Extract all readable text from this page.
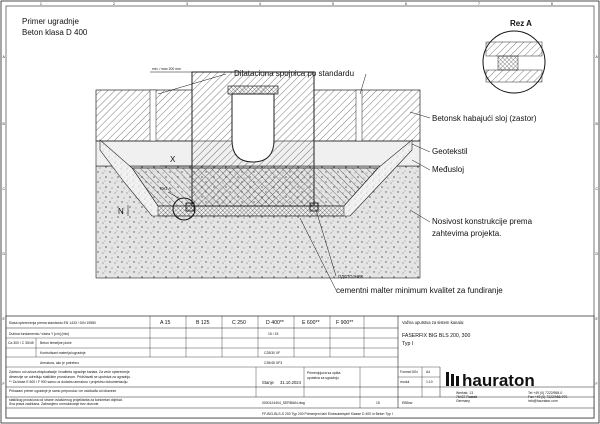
A
B
C
D
E
F
A
B
C
D
E
F
1	2	3	4	5	6	7	8
Primer ugradnje
Beton klasa D 400
Rez A
X
N
min. / max 200 mm
Rez A
Dilataciona spojnica po standardu
Betonsk habajući sloj (zastor)
Geotekstil
Međusloj
Nosivost konstrukcije prema
zahtevima projekta.
ОДСТОЈНИК
cementni malter minimum kvalitet za fundiranje
Klasa opterećenja prema standardu EN 1433 / DIN 19580	A 15	B 125	C 250	D 400**	E 600**	F 900**
Dubina fundamenta / visina Y [cm] (min)	15 / 15
Ca 300 / C 35/45 Beton temeljne ploče
Kontrolisani materijal ugradnje	C25/30 XF
Armatura, ako je potrebno	C35/45 XF3
Zavisno od uslova eksploatacije i kvaliteta ugradnje kanala. Za veće opterećenje
dimenzije se određuju statičkim proračunom. Pridržavati se uputstva za ugradnju.
** Za klase E 600 i F 900 samo uz dodatnu armaturu i projektnu dokumentaciju.
Prikazani primer ugradnje je samo preporuka i ne oslobađa od obaveze
statičkog proračuna od strane ovlašćenog projektanta za konkretan objekat.
Sva prava zadržana. Zabranjeno umnožavanje bez dozvole.
Važna uputstva za sistem kanala:
FASERFIX BIG BLS 200, 300
Typ I
Stanje 31.10.2024
Primenjujuća sa opšta
uputstva za ugradnju.
Format DIN A4
modul	1:10
0000124404_SERBIAN.dwg	15	EBBrw
FF-BIG-BLS-S 200 Typ 200 Primenjeni tahi Einbaubeispiel Klasse D 400 in Beton Typ I
hauraton
Werkstr. 13
76437 Rastatt
Germany
Tel +49 (0) 7222/958-0
Fax +49 (0) 7222/958-970
info@hauraton.com
